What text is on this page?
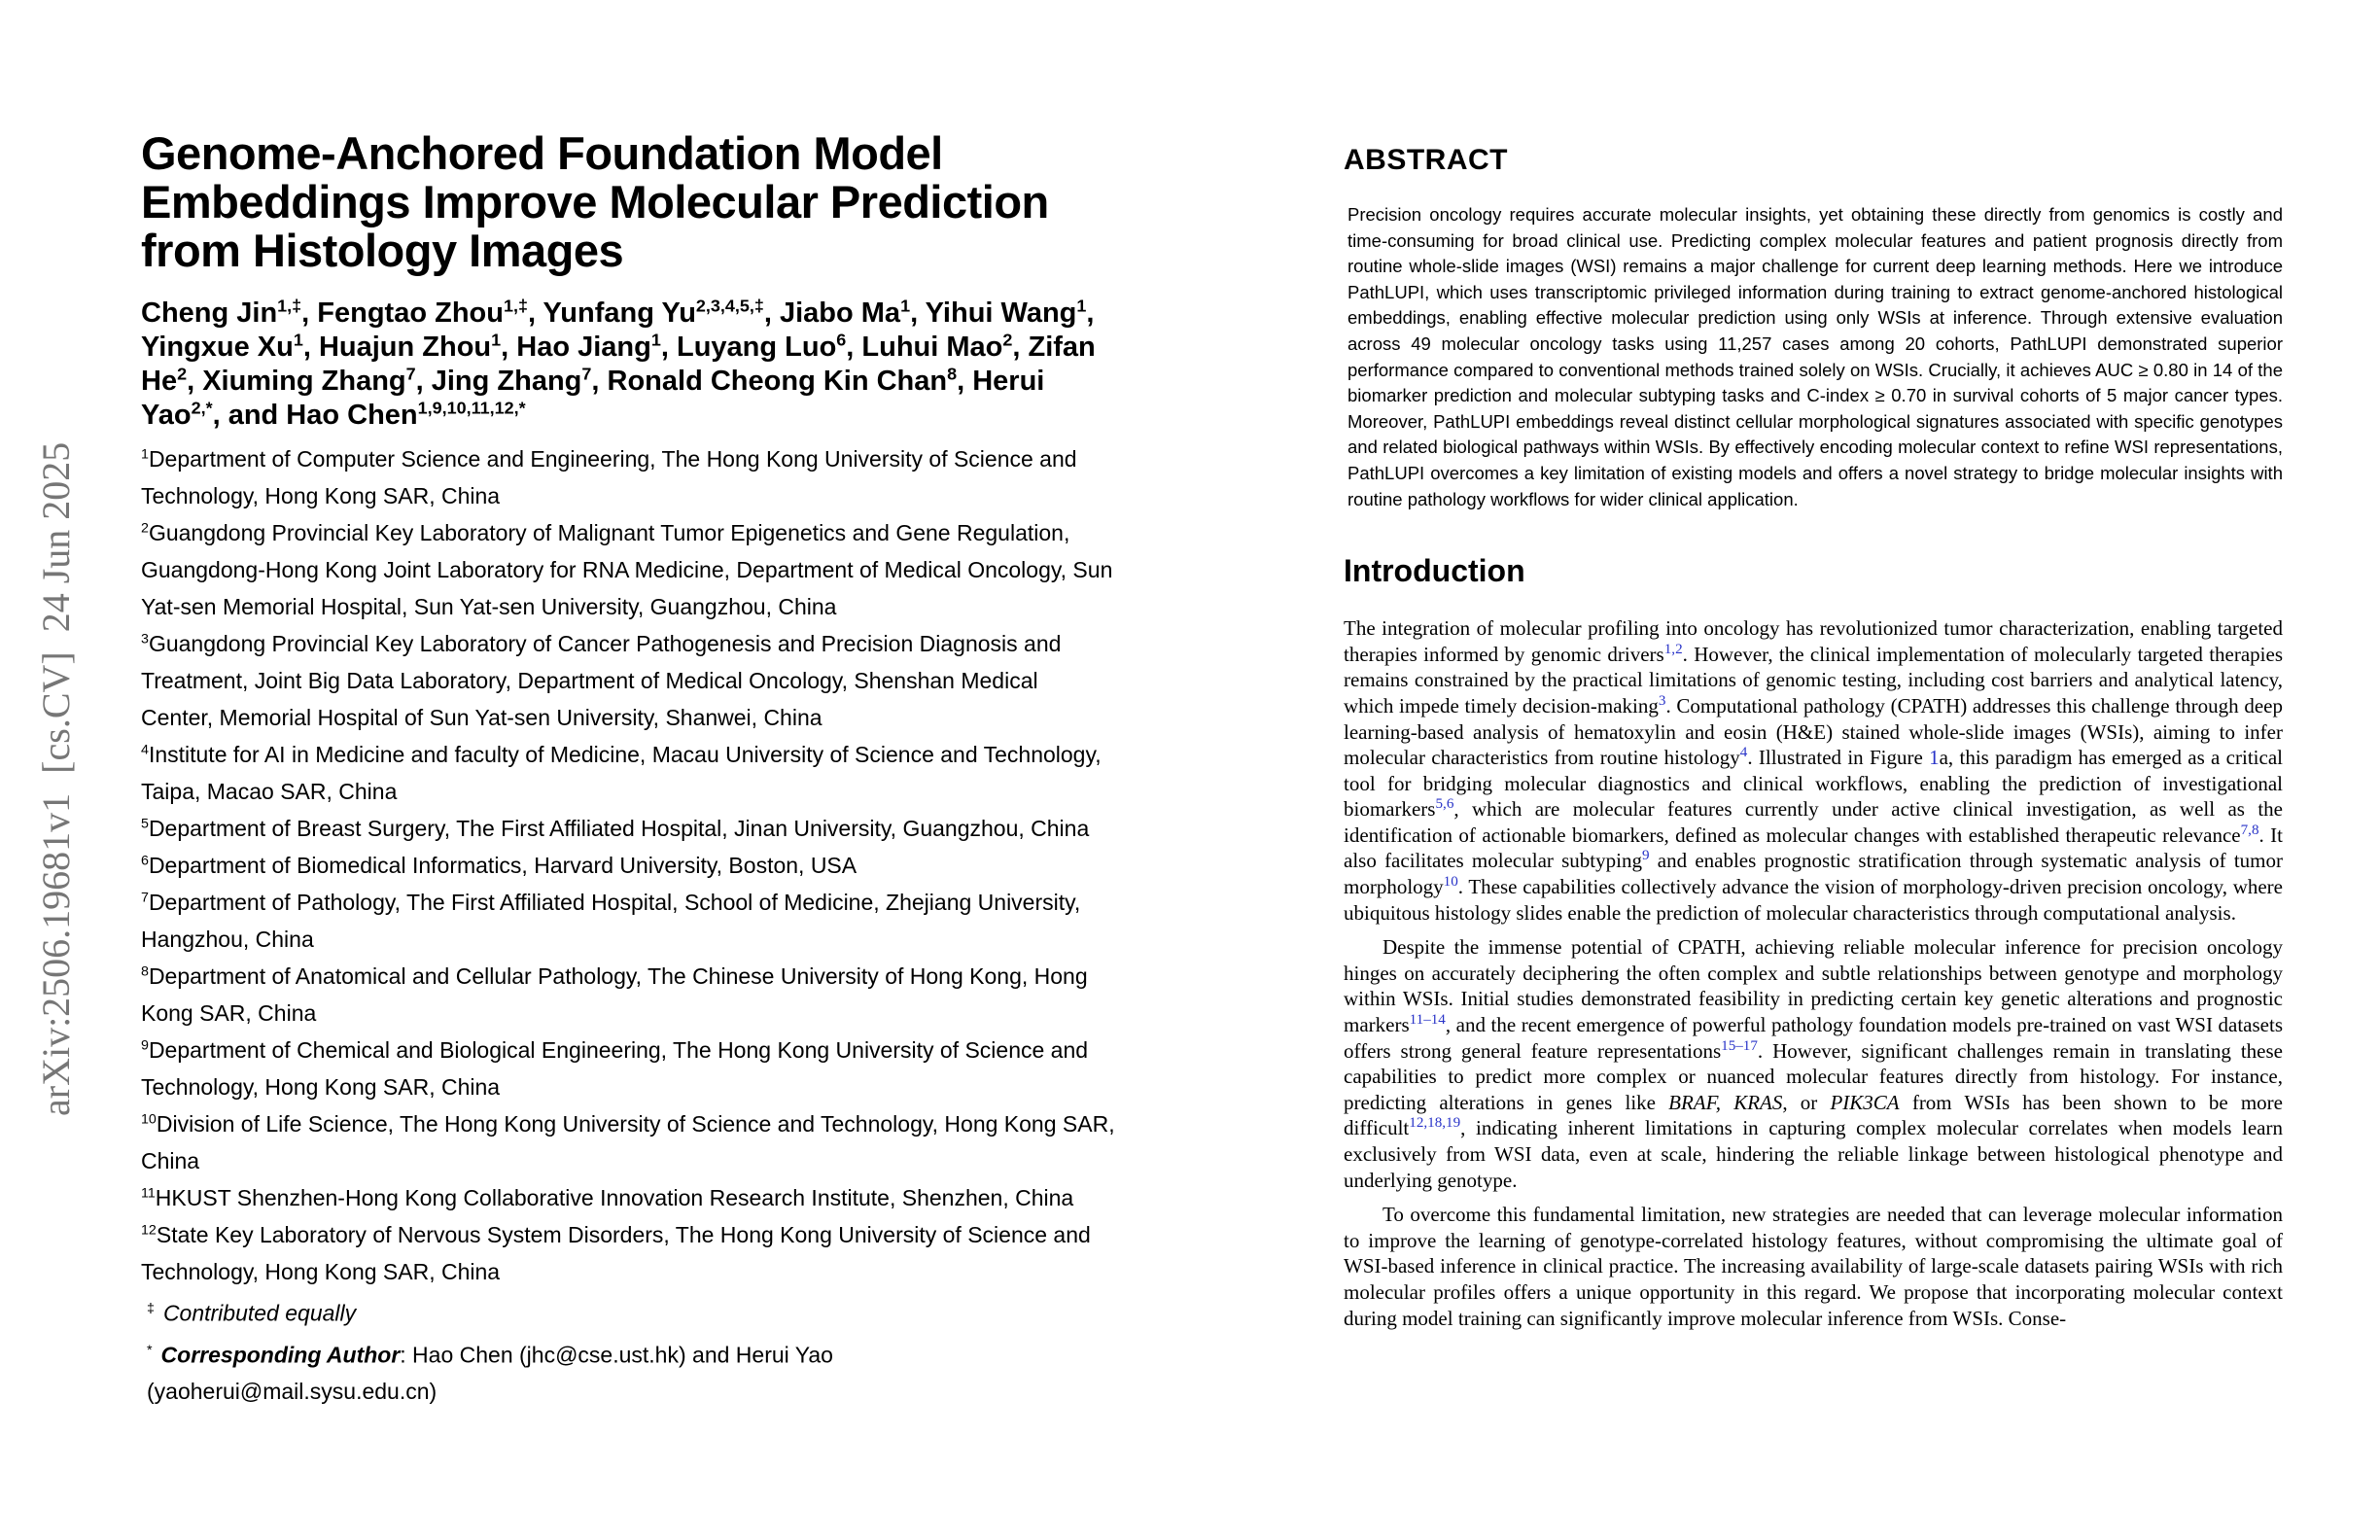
arXiv:2506.19681v1  [cs.CV]  24 Jun 2025
Genome-Anchored Foundation Model
Embeddings Improve Molecular Prediction
from Histology Images
Cheng Jin$^{1,\ddagger}$, Fengtao Zhou$^{1,\ddagger}$, Yunfang $Yu^{2,3,4,5,\ddagger}$, Jiabo Ma$^1$, Yihui Wang$^1$, Yingxue Xu$^1$, Huajun Zhou$^1$, Hao Jiang$^1$, Luyang Luo$^6$, Luhui Mao$^2$, Zifan He$^2$, Xiuming Zhang$^7$, Jing Zhang$^7$, Ronald Cheong Kin Chan$^8$, Herui Yao$^{2,*}$, and Hao Chen$^{1,9,10,11,12,*}$
$^1$Department of Computer Science and Engineering, The Hong Kong University of Science and Technology, Hong Kong SAR, China
$^2$Guangdong Provincial Key Laboratory of Malignant Tumor Epigenetics and Gene Regulation, Guangdong-Hong Kong Joint Laboratory for RNA Medicine, Department of Medical Oncology, Sun Yat-sen Memorial Hospital, Sun Yat-sen University, Guangzhou, China
$^3$Guangdong Provincial Key Laboratory of Cancer Pathogenesis and Precision Diagnosis and Treatment, Joint Big Data Laboratory, Department of Medical Oncology, Shenshan Medical Center, Memorial Hospital of Sun Yat-sen University, Shanwei, China
$^4$Institute for AI in Medicine and faculty of Medicine, Macau University of Science and Technology, Taipa, Macao SAR, China
$^5$Department of Breast Surgery, The First Affiliated Hospital, Jinan University, Guangzhou, China
$^6$Department of Biomedical Informatics, Harvard University, Boston, USA
$^7$Department of Pathology, The First Affiliated Hospital, School of Medicine, Zhejiang University, Hangzhou, China
$^8$Department of Anatomical and Cellular Pathology, The Chinese University of Hong Kong, Hong Kong SAR, China
$^9$Department of Chemical and Biological Engineering, The Hong Kong University of Science and Technology, Hong Kong SAR, China
$^{10}$Division of Life Science, The Hong Kong University of Science and Technology, Hong Kong SAR, China
$^{11}$HKUST Shenzhen-Hong Kong Collaborative Innovation Research Institute, Shenzhen, China
$^{12}$State Key Laboratory of Nervous System Disorders, The Hong Kong University of Science and Technology, Hong Kong SAR, China
‡ Contributed equally
* Corresponding Author: Hao Chen (jhc@cse.ust.hk) and Herui Yao (yaoherui@mail.sysu.edu.cn)
ABSTRACT

Precision oncology requires accurate molecular insights, yet obtaining these directly from genomics is costly and time-consuming for broad clinical use. Predicting complex molecular features and patient prognosis directly from routine whole-slide images (WSI) remains a major challenge for current deep learning methods. Here we introduce PathLUPI, which uses transcriptomic privileged information during training to extract genome-anchored histological embeddings, enabling effective molecular prediction using only WSIs at inference. Through extensive evaluation across 49 molecular oncology tasks using 11,257 cases among 20 cohorts, PathLUPI demonstrated superior performance compared to conventional methods trained solely on WSIs. Crucially, it achieves AUC ≥ 0.80 in 14 of the biomarker prediction and molecular subtyping tasks and C-index ≥ 0.70 in survival cohorts of 5 major cancer types. Moreover, PathLUPI embeddings reveal distinct cellular morphological signatures associated with specific genotypes and related biological pathways within WSIs. By effectively encoding molecular context to refine WSI representations, PathLUPI overcomes a key limitation of existing models and offers a novel strategy to bridge molecular insights with routine pathology workflows for wider clinical application.

Introduction

The integration of molecular profiling into oncology has revolutionized tumor characterization, enabling targeted therapies informed by genomic drivers$^{1,2}$. However, the clinical implementation of molecularly targeted therapies remains constrained by the practical limitations of genomic testing, including cost barriers and analytical latency, which impede timely decision-making$^3$. Computational pathology (CPATH) addresses this challenge through deep learning-based analysis of hematoxylin and eosin (H&E) stained whole-slide images (WSIs), aiming to infer molecular characteristics from routine histology$^4$. Illustrated in Figure 1a, this paradigm has emerged as a critical tool for bridging molecular diagnostics and clinical workflows, enabling the prediction of investigational biomarkers$^{5,6}$, which are molecular features currently under active clinical investigation, as well as the identification of actionable biomarkers, defined as molecular changes with established therapeutic relevance$^{7,8}$. It also facilitates molecular subtyping$^9$ and enables prognostic stratification through systematic analysis of tumor morphology$^{10}$. These capabilities collectively advance the vision of morphology-driven precision oncology, where ubiquitous histology slides enable the prediction of molecular characteristics through computational analysis.

Despite the immense potential of CPATH, achieving reliable molecular inference for precision oncology hinges on accurately deciphering the often complex and subtle relationships between genotype and morphology within WSIs. Initial studies demonstrated feasibility in predicting certain key genetic alterations and prognostic markers$^{11-14}$, and the recent emergence of powerful pathology foundation models pre-trained on vast WSI datasets offers strong general feature representations$^{15-17}$. However, significant challenges remain in translating these capabilities to predict more complex or nuanced molecular features directly from histology. For instance, predicting alterations in genes like BRAF, KRAS, or PIK3CA from WSIs has been shown to be more difficult$^{12,18,19}$, indicating inherent limitations in capturing complex molecular correlates when models learn exclusively from WSI data, even at scale, hindering the reliable linkage between histological phenotype and underlying genotype.

To overcome this fundamental limitation, new strategies are needed that can leverage molecular information to improve the learning of genotype-correlated histology features, without compromising the ultimate goal of WSI-based inference in clinical practice. The increasing availability of large-scale datasets pairing WSIs with rich molecular profiles offers a unique opportunity in this regard. We propose that incorporating molecular context during model training can significantly improve molecular inference from WSIs. Conse-
